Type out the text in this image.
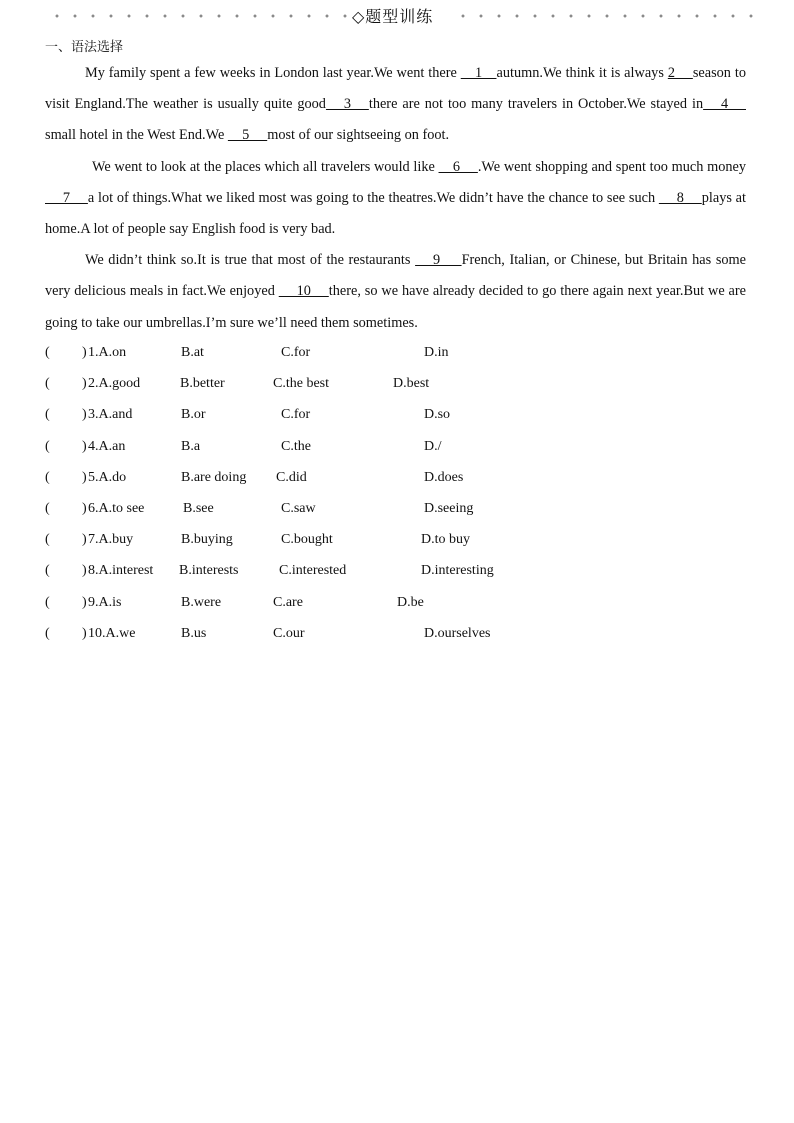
◇题型训练
一、语法选择

My family spent a few weeks in London last year.We went there     1    autumn.We think it is always 2     season to visit England.The weather is usually quite good     3     there are not too many travelers in October.We stayed in     4     small hotel in the West End.We     5     most of our sightseeing on foot.

We went to look at the places which all travelers would like     6     .We went shopping and spent too much money      7     a lot of things.What we liked most was going to the theatres.We didn’t have the chance to see such      8     plays at home.A lot of people say English food is very bad.

We didn’t think so.It is true that most of the restaurants      9      French, Italian, or Chinese, but Britain has some very delicious meals in fact.We enjoyed      10     there, so we have already decided to go there again next year.But we are going to take our umbrellas.I’m sure we’ll need them sometimes.

( ) 1.A.on	B.at	C.for	D.in
( ) 2.A.good	B.better	C.the best	D.best
( ) 3.A.and	B.or	C.for	D.so
( ) 4.A.an	B.a	C.the	D./
( ) 5.A.do	B.are doing C.did	D.does
( ) 6.A.to see	B.see	C.saw	D.seeing
( ) 7.A.buy	B.buying	C.bought	D.to buy
( ) 8.A.interest B.interests	C.interested	D.interesting
( ) 9.A.is	B.were	C.are	D.be
( ) 10.A.we	B.us	C.our	D.ourselves
